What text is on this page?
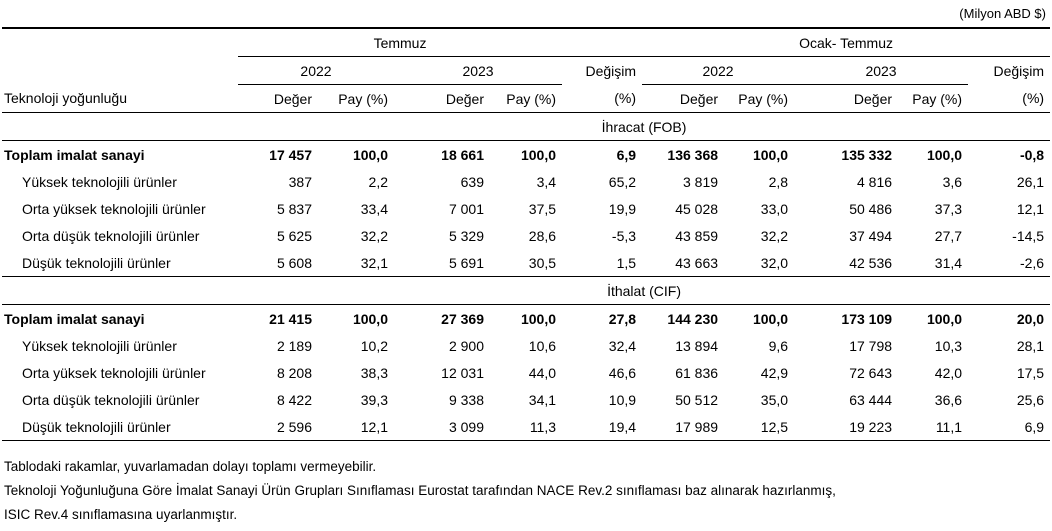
(Milyon ABD $)
	Temmuz					Ocak- Temmuz				
	2022		2023		Değişim	2022		2023		Değişim
Teknoloji yoğunluğu	Değer	Pay (%)	Değer	Pay (%)	(%)	Değer	Pay (%)	Değer	Pay (%)	(%)
	İhracat (FOB)									
Toplam imalat sanayi	17 457	100,0	18 661	100,0	6,9	136 368	100,0	135 332	100,0	-0,8
Yüksek teknolojili ürünler	387	2,2	639	3,4	65,2	3 819	2,8	4 816	3,6	26,1
Orta yüksek teknolojili ürünler	5 837	33,4	7 001	37,5	19,9	45 028	33,0	50 486	37,3	12,1
Orta düşük teknolojili ürünler	5 625	32,2	5 329	28,6	-5,3	43 859	32,2	37 494	27,7	-14,5
Düşük teknolojili ürünler	5 608	32,1	5 691	30,5	1,5	43 663	32,0	42 536	31,4	-2,6
	İthalat (CIF)									
Toplam imalat sanayi	21 415	100,0	27 369	100,0	27,8	144 230	100,0	173 109	100,0	20,0
Yüksek teknolojili ürünler	2 189	10,2	2 900	10,6	32,4	13 894	9,6	17 798	10,3	28,1
Orta yüksek teknolojili ürünler	8 208	38,3	12 031	44,0	46,6	61 836	42,9	72 643	42,0	17,5
Orta düşük teknolojili ürünler	8 422	39,3	9 338	34,1	10,9	50 512	35,0	63 444	36,6	25,6
Düşük teknolojili ürünler	2 596	12,1	3 099	11,3	19,4	17 989	12,5	19 223	11,1	6,9
Tablodaki rakamlar, yuvarlamadan dolayı toplamı vermeyebilir.
Teknoloji Yoğunluğuna Göre İmalat Sanayi Ürün Grupları Sınıflaması Eurostat tarafından NACE Rev.2 sınıflaması baz alınarak hazırlanmış,
ISIC Rev.4 sınıflamasına uyarlanmıştır.
